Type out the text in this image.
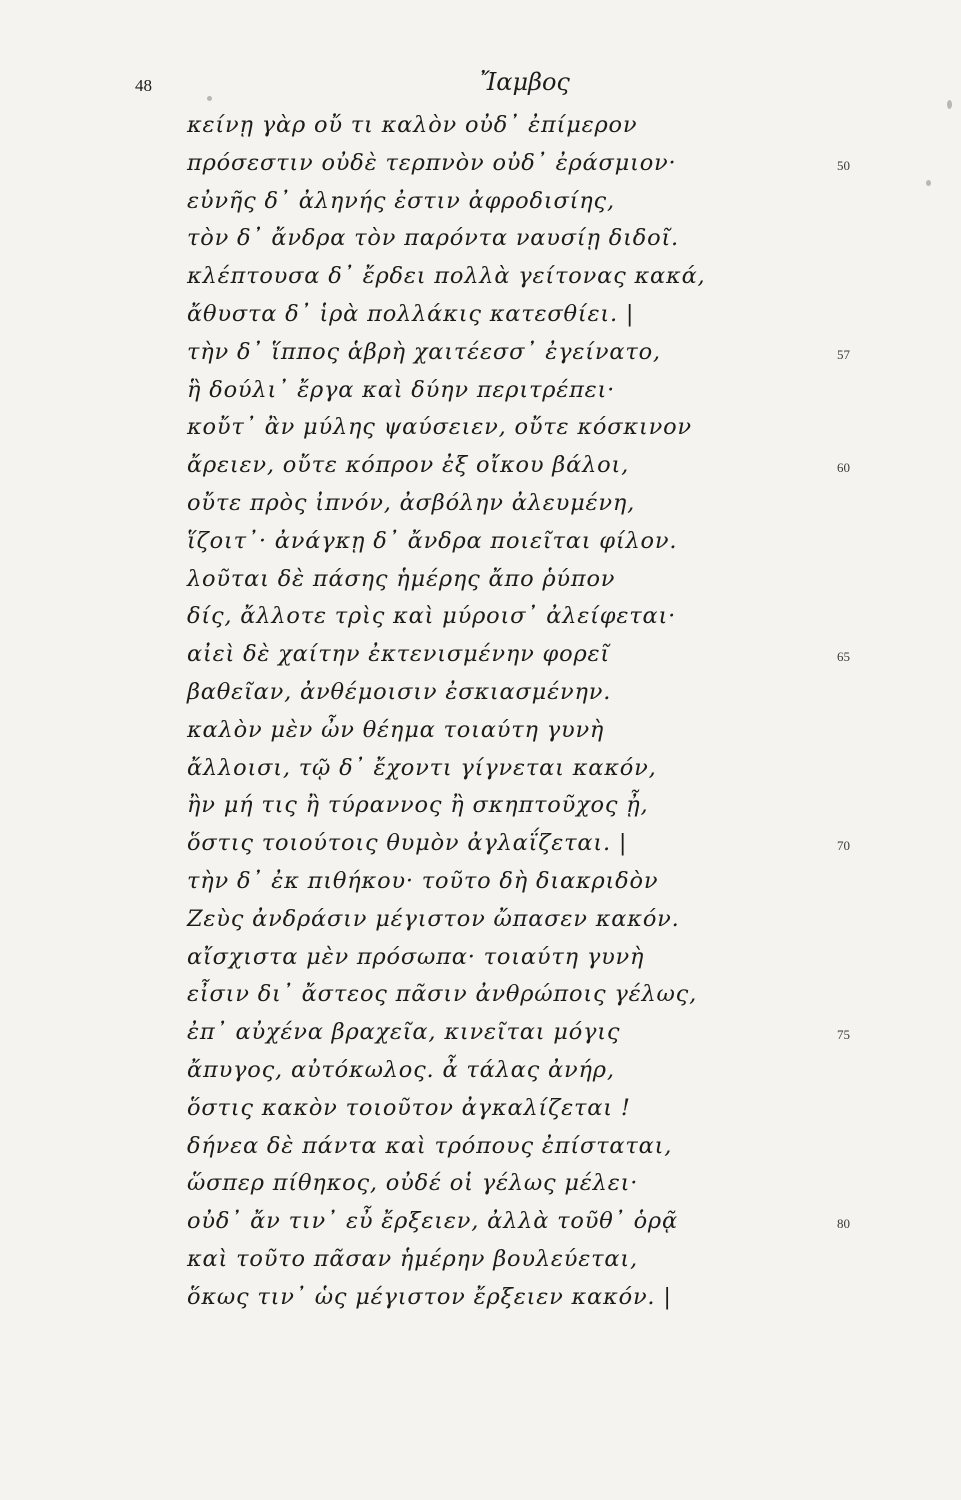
48	Ἴαμβος
κείνῃ γὰρ οὔ τι καλὸν οὐδ᾽ ἐπίμερον
πρόσεστιν οὐδὲ τερπνὸν οὐδ᾽ ἐράσμιον·
εὐνῆς δ᾽ ἀληνής ἐστιν ἀφροδισίης,
τὸν δ᾽ ἄνδρα τὸν παρόντα ναυσίῃ διδοῖ.
κλέπτουσα δ᾽ ἔρδει πολλὰ γείτονας κακά,
ἄθυστα δ᾽ ἱρὰ πολλάκις κατεσθίει. |
τὴν δ᾽ ἵππος ἁβρὴ χαιτέεσσ᾽ ἐγείνατο,
ἣ δούλι᾽ ἔργα καὶ δύην περιτρέπει·
κοὔτ᾽ ἂν μύλης ψαύσειεν, οὔτε κόσκινον
ἄρειεν, οὔτε κόπρον ἐξ οἴκου βάλοι,
οὔτε πρὸς ἰπνόν, ἀσβόλην ἀλευμένη,
ἵζοιτ᾽· ἀνάγκῃ δ᾽ ἄνδρα ποιεῖται φίλον.
λοῦται δὲ πάσης ἡμέρης ἄπο ῥύπον
δίς, ἄλλοτε τρὶς καὶ μύροισ᾽ ἀλείφεται·
αἰεὶ δὲ χαίτην ἐκτενισμένην φορεῖ
βαθεῖαν, ἀνθέμοισιν ἐσκιασμένην.
καλὸν μὲν ὦν θέημα τοιαύτη γυνὴ
ἄλλοισι, τῷ δ᾽ ἔχοντι γίγνεται κακόν,
ἢν μή τις ἢ τύραννος ἢ σκηπτοῦχος ᾖ,
ὅστις τοιούτοις θυμὸν ἀγλαΐζεται. |
τὴν δ᾽ ἐκ πιθήκου· τοῦτο δὴ διακριδὸν
Ζεὺς ἀνδράσιν μέγιστον ὤπασεν κακόν.
αἴσχιστα μὲν πρόσωπα· τοιαύτη γυνὴ
εἶσιν δι᾽ ἄστεος πᾶσιν ἀνθρώποις γέλως,
ἐπ᾽ αὐχένα βραχεῖα, κινεῖται μόγις
ἄπυγος, αὐτόκωλος. ἆ τάλας ἀνήρ,
ὅστις κακὸν τοιοῦτον ἀγκαλίζεται !
δήνεα δὲ πάντα καὶ τρόπους ἐπίσταται,
ὥσπερ πίθηκος, οὐδέ οἱ γέλως μέλει·
οὐδ᾽ ἄν τιν᾽ εὖ ἔρξειεν, ἀλλὰ τοῦθ᾽ ὁρᾷ
καὶ τοῦτο πᾶσαν ἡμέρην βουλεύεται,
ὅκως τιν᾽ ὡς μέγιστον ἔρξειεν κακόν. |
50
57
60
65
70
75
80
